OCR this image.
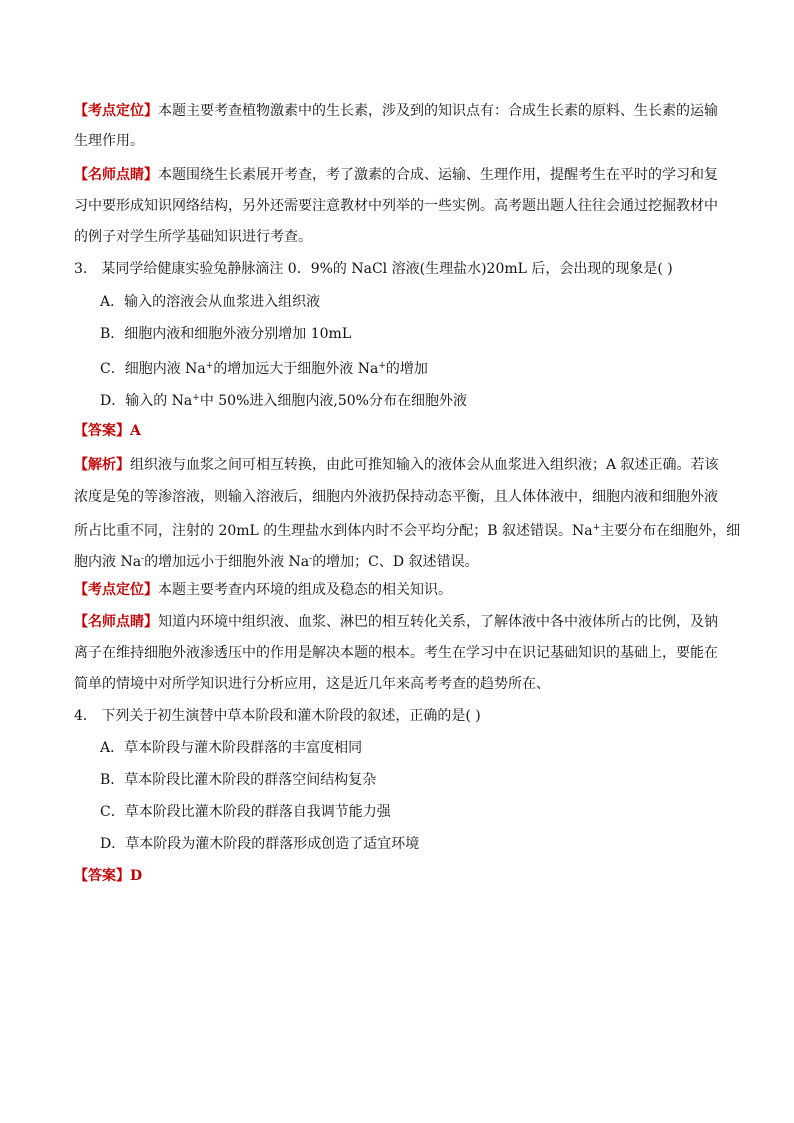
【考点定位】本题主要考查植物激素中的生长素，涉及到的知识点有：合成生长素的原料、生长素的运输
生理作用。
【名师点睛】本题围绕生长素展开考查，考了激素的合成、运输、生理作用，提醒考生在平时的学习和复
习中要形成知识网络结构，另外还需要注意教材中列举的一些实例。高考题出题人往往会通过挖掘教材中
的例子对学生所学基础知识进行考查。
3． 某同学给健康实验兔静脉滴注 0．9%的 NaCl 溶液(生理盐水)20mL 后，会出现的现象是( )
A．输入的溶液会从血浆进入组织液
B．细胞内液和细胞外液分别增加 10mL
C．细胞内液 Na+的增加远大于细胞外液 Na+的增加
D．输入的 Na+中 50%进入细胞内液,50%分布在细胞外液
【答案】A
【解析】组织液与血浆之间可相互转换，由此可推知输入的液体会从血浆进入组织液；A 叙述正确。若该
浓度是兔的等渗溶液，则输入溶液后，细胞内外液扔保持动态平衡，且人体体液中，细胞内液和细胞外液
所占比重不同，注射的 20mL 的生理盐水到体内时不会平均分配；B 叙述错误。Na+主要分布在细胞外，细
胞内液 Na-的增加远小于细胞外液 Na-的增加；C、D 叙述错误。
【考点定位】本题主要考查内环境的组成及稳态的相关知识。
【名师点睛】知道内环境中组织液、血浆、淋巴的相互转化关系，了解体液中各中液体所占的比例，及钠
离子在维持细胞外液渗透压中的作用是解决本题的根本。考生在学习中在识记基础知识的基础上，要能在
简单的情境中对所学知识进行分析应用，这是近几年来高考考查的趋势所在、
4． 下列关于初生演替中草本阶段和灌木阶段的叙述，正确的是( )
A．草本阶段与灌木阶段群落的丰富度相同
B．草本阶段比灌木阶段的群落空间结构复杂
C．草本阶段比灌木阶段的群落自我调节能力强
D．草本阶段为灌木阶段的群落形成创造了适宜环境
【答案】D
